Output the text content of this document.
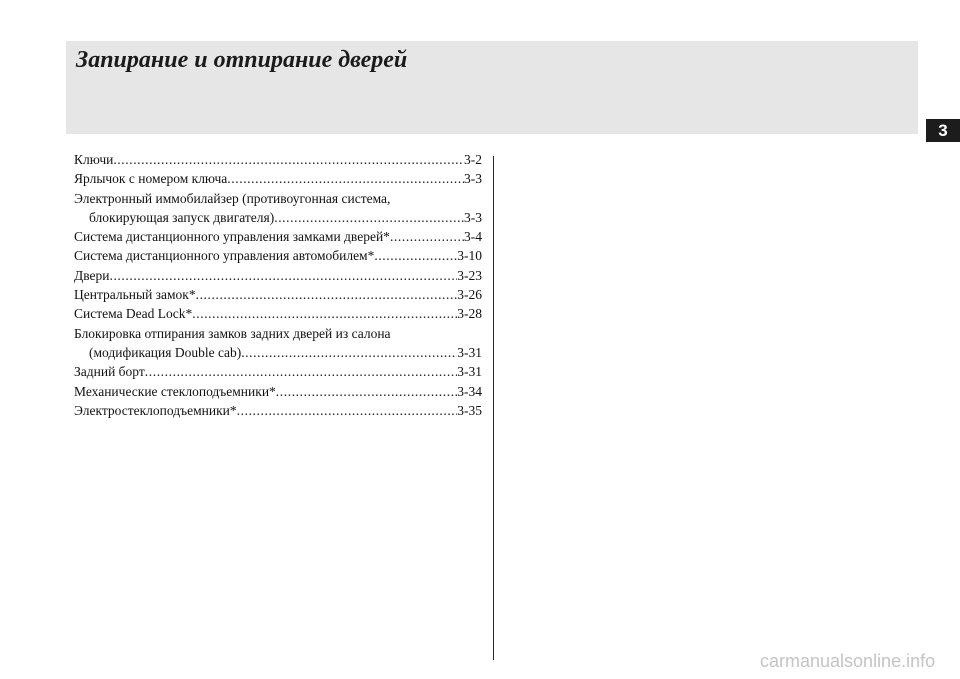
Запирание и отпирание дверей
3
Ключи .....	3-2
Ярлычок с номером ключа .....	3-3
Электронный иммобилайзер (противоугонная система,
блокирующая запуск двигателя) .....	3-3
Система дистанционного управления замками дверей* .....	3-4
Система дистанционного управления автомобилем* .....	3-10
Двери .....	3-23
Центральный замок* .....	3-26
Система Dead Lock* .....	3-28
Блокировка отпирания замков задних дверей из салона
(модификация Double cab) .....	3-31
Задний борт .....	3-31
Механические стеклоподъемники* .....	3-34
Электростеклоподъемники* .....	3-35
carmanualsonline.info
